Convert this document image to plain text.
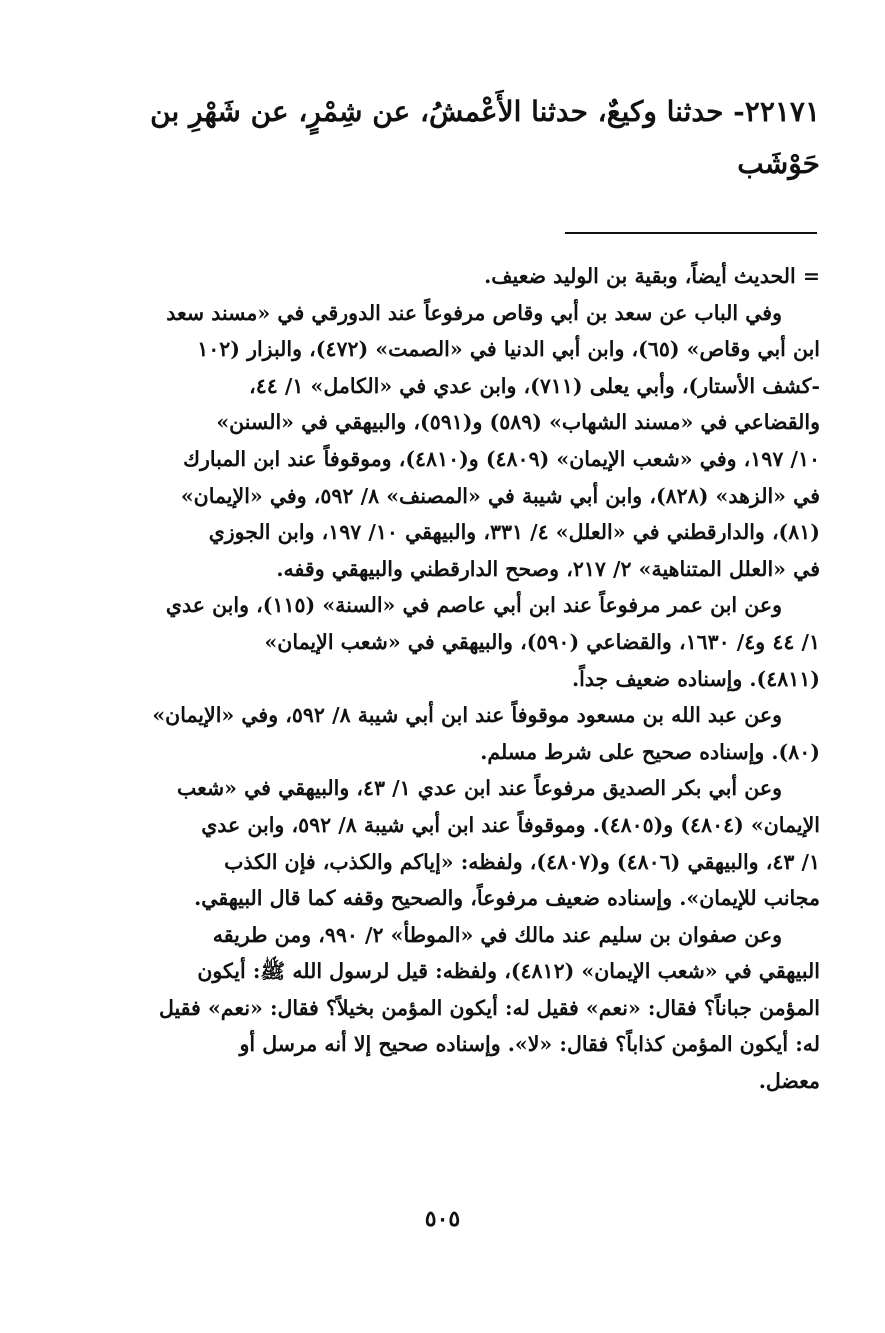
٢٢١٧١- حدثنا وكيعٌ، حدثنا الأَعْمشُ، عن شِمْرٍ، عن شَهْرِ بن
حَوْشَب
= الحديث أيضاً، وبقية بن الوليد ضعيف.
وفي الباب عن سعد بن أبي وقاص مرفوعاً عند الدورقي في «مسند سعد
ابن أبي وقاص» (٦٥)، وابن أبي الدنيا في «الصمت» (٤٧٢)، والبزار (١٠٢
-كشف الأستار)، وأبي يعلى (٧١١)، وابن عدي في «الكامل» ١/ ٤٤،
والقضاعي في «مسند الشهاب» (٥٨٩) و(٥٩١)، والبيهقي في «السنن»
١٠/ ١٩٧، وفي «شعب الإيمان» (٤٨٠٩) و(٤٨١٠)، وموقوفاً عند ابن المبارك
في «الزهد» (٨٢٨)، وابن أبي شيبة في «المصنف» ٨/ ٥٩٢، وفي «الإيمان»
(٨١)، والدارقطني في «العلل» ٤/ ٣٣١، والبيهقي ١٠/ ١٩٧، وابن الجوزي
في «العلل المتناهية» ٢/ ٢١٧، وصحح الدارقطني والبيهقي وقفه.
وعن ابن عمر مرفوعاً عند ابن أبي عاصم في «السنة» (١١٥)، وابن عدي
١/ ٤٤ و٤/ ١٦٣٠، والقضاعي (٥٩٠)، والبيهقي في «شعب الإيمان»
(٤٨١١). وإسناده ضعيف جداً.
وعن عبد الله بن مسعود موقوفاً عند ابن أبي شيبة ٨/ ٥٩٢، وفي «الإيمان»
(٨٠). وإسناده صحيح على شرط مسلم.
وعن أبي بكر الصديق مرفوعاً عند ابن عدي ١/ ٤٣، والبيهقي في «شعب
الإيمان» (٤٨٠٤) و(٤٨٠٥). وموقوفاً عند ابن أبي شيبة ٨/ ٥٩٢، وابن عدي
١/ ٤٣، والبيهقي (٤٨٠٦) و(٤٨٠٧)، ولفظه: «إياكم والكذب، فإن الكذب
مجانب للإيمان». وإسناده ضعيف مرفوعاً، والصحيح وقفه كما قال البيهقي.
وعن صفوان بن سليم عند مالك في «الموطأ» ٢/ ٩٩٠، ومن طريقه
البيهقي في «شعب الإيمان» (٤٨١٢)، ولفظه: قيل لرسول الله ﷺ: أيكون
المؤمن جباناً؟ فقال: «نعم» فقيل له: أيكون المؤمن بخيلاً؟ فقال: «نعم» فقيل
له: أيكون المؤمن كذاباً؟ فقال: «لا». وإسناده صحيح إلا أنه مرسل أو
معضل.
٥٠٥
